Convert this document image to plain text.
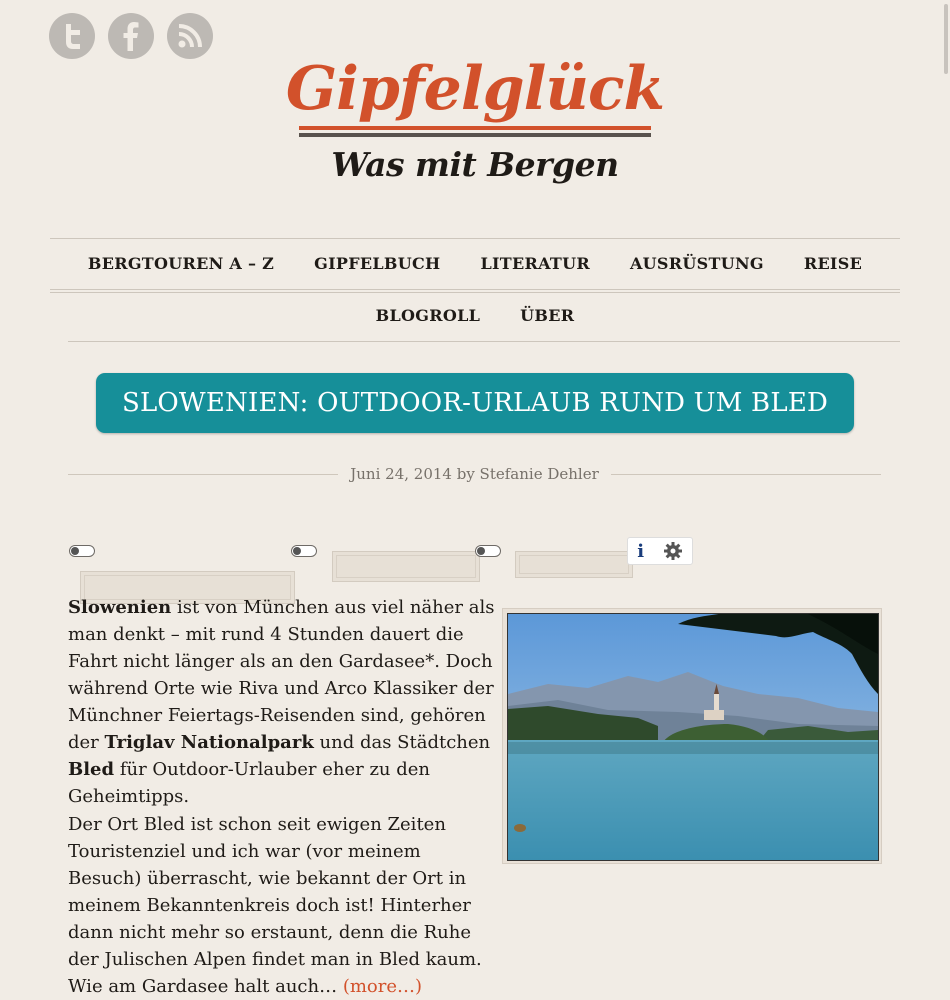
Gipfelglück
Was mit Bergen
BERGTOUREN A – Z	GIPFELBUCH	LITERATUR	AUSRÜSTUNG	REISE
BLOGROLL	ÜBER
SLOWENIEN: OUTDOOR-URLAUB RUND UM BLED
Juni 24, 2014 by Stefanie Dehler
i

Slowenien ist von München aus viel näher als man denkt – mit rund 4 Stunden dauert die Fahrt nicht länger als an den Gardasee*. Doch während Orte wie Riva und Arco Klassiker der Münchner Feiertags-Reisenden sind, gehören der Triglav Nationalpark und das Städtchen Bled für Outdoor-Urlauber eher zu den Geheimtipps.

Der Ort Bled ist schon seit ewigen Zeiten Touristenziel und ich war (vor meinem Besuch) überrascht, wie bekannt der Ort in meinem Bekanntenkreis doch ist! Hinterher dann nicht mehr so erstaunt, denn die Ruhe der Julischen Alpen findet man in Bled kaum. Wie am Gardasee halt auch… (more…)
